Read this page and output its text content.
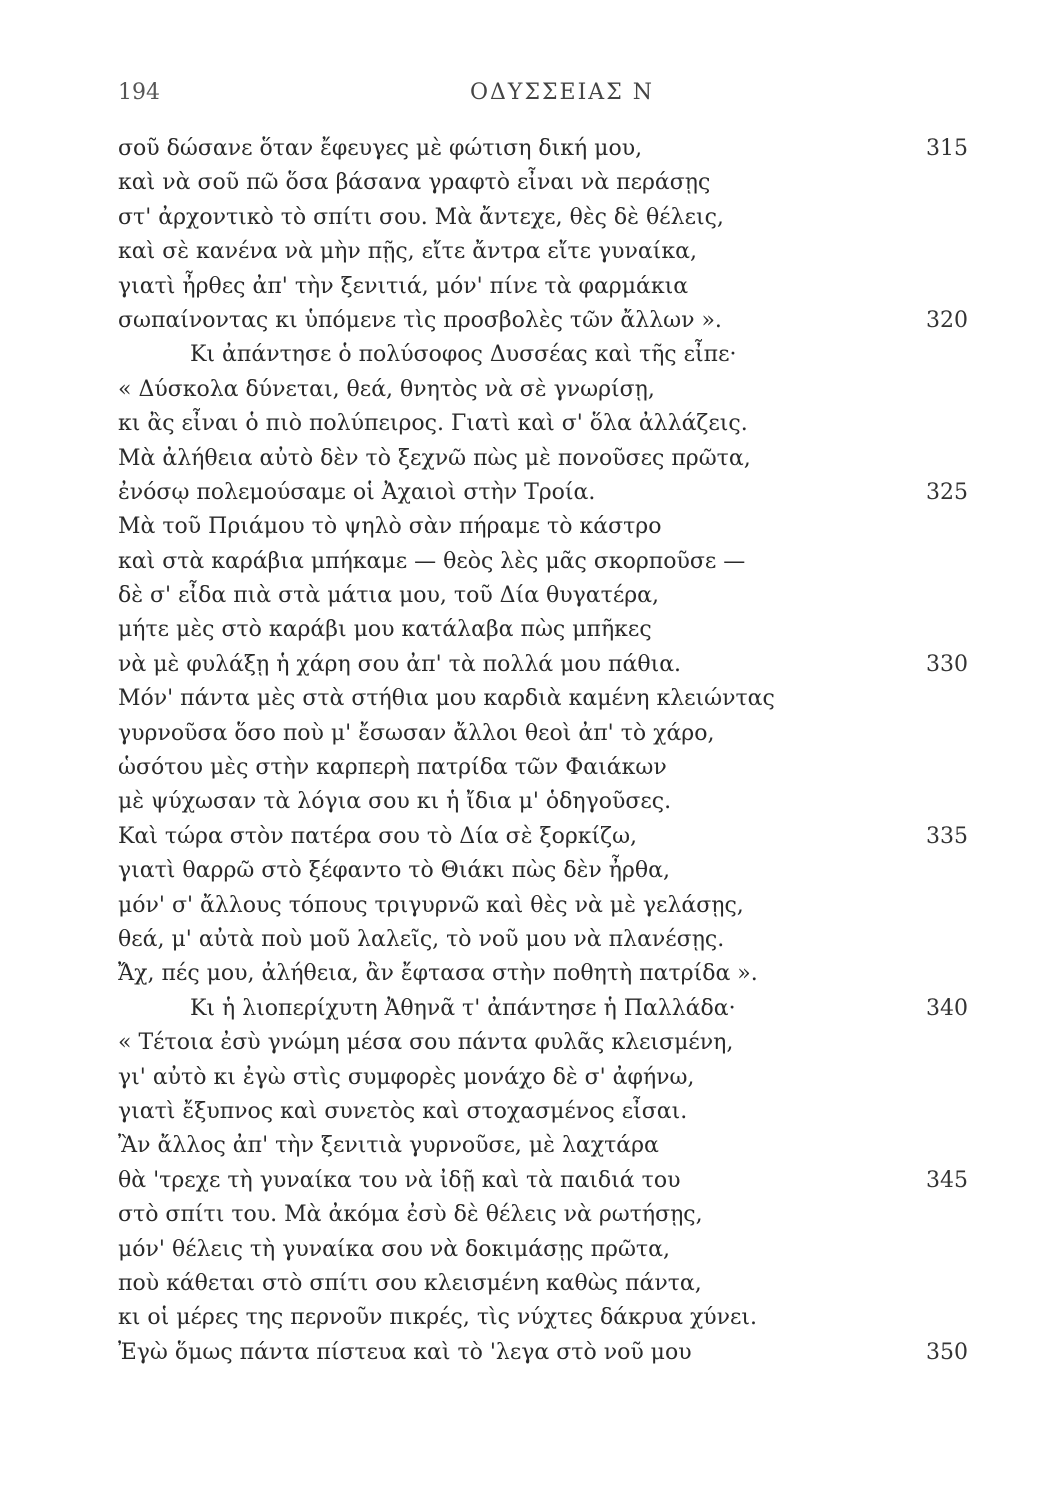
194	ΟΔΥΣΣΕΙΑΣ Ν
σοῦ δώσανε ὅταν ἔφευγες μὲ φώτιση δική μου,	315
καὶ νὰ σοῦ πῶ ὅσα βάσανα γραφτὸ εἶναι νὰ περάσῃς
στ' ἀρχοντικὸ τὸ σπίτι σου. Μὰ ἄντεχε, θὲς δὲ θέλεις,
καὶ σὲ κανένα νὰ μὴν πῇς, εἴτε ἄντρα εἴτε γυναίκα,
γιατὶ ἦρθες ἀπ' τὴν ξενιτιά, μόν' πίνε τὰ φαρμάκια
σωπαίνοντας κι ὑπόμενε τὶς προσβολὲς τῶν ἄλλων ».	320
Κι ἀπάντησε ὁ πολύσοφος Δυσσέας καὶ τῆς εἶπε·
« Δύσκολα δύνεται, θεά, θνητὸς νὰ σὲ γνωρίσῃ,
κι ἂς εἶναι ὁ πιὸ πολύπειρος. Γιατὶ καὶ σ' ὅλα ἀλλάζεις.
Μὰ ἀλήθεια αὐτὸ δὲν τὸ ξεχνῶ πὼς μὲ πονοῦσες πρῶτα,
ἐνόσῳ πολεμούσαμε οἱ Ἀχαιοὶ στὴν Τροία.	325
Μὰ τοῦ Πριάμου τὸ ψηλὸ σὰν πήραμε τὸ κάστρο
καὶ στὰ καράβια μπήκαμε — θεὸς λὲς μᾶς σκορποῦσε —
δὲ σ' εἶδα πιὰ στὰ μάτια μου, τοῦ Δία θυγατέρα,
μήτε μὲς στὸ καράβι μου κατάλαβα πὼς μπῆκες
νὰ μὲ φυλάξῃ ἡ χάρη σου ἀπ' τὰ πολλά μου πάθια.	330
Μόν' πάντα μὲς στὰ στήθια μου καρδιὰ καμένη κλειώντας
γυρνοῦσα ὅσο ποὺ μ' ἔσωσαν ἄλλοι θεοὶ ἀπ' τὸ χάρο,
ὡσότου μὲς στὴν καρπερὴ πατρίδα τῶν Φαιάκων
μὲ ψύχωσαν τὰ λόγια σου κι ἡ ἴδια μ' ὁδηγοῦσες.
Καὶ τώρα στὸν πατέρα σου τὸ Δία σὲ ξορκίζω,	335
γιατὶ θαρρῶ στὸ ξέφαντο τὸ Θιάκι πὼς δὲν ἦρθα,
μόν' σ' ἄλλους τόπους τριγυρνῶ καὶ θὲς νὰ μὲ γελάσῃς,
θεά, μ' αὐτὰ ποὺ μοῦ λαλεῖς, τὸ νοῦ μου νὰ πλανέσῃς.
Ἄχ, πές μου, ἀλήθεια, ἂν ἔφτασα στὴν ποθητὴ πατρίδα ».
Κι ἡ λιοπερίχυτη Ἀθηνᾶ τ' ἀπάντησε ἡ Παλλάδα·	340
« Τέτοια ἐσὺ γνώμη μέσα σου πάντα φυλᾶς κλεισμένη,
γι' αὐτὸ κι ἐγὼ στὶς συμφορὲς μονάχο δὲ σ' ἀφήνω,
γιατὶ ἔξυπνος καὶ συνετὸς καὶ στοχασμένος εἶσαι.
Ἂν ἄλλος ἀπ' τὴν ξενιτιὰ γυρνοῦσε, μὲ λαχτάρα
θὰ 'τρεχε τὴ γυναίκα του νὰ ἰδῇ καὶ τὰ παιδιά του	345
στὸ σπίτι του. Μὰ ἀκόμα ἐσὺ δὲ θέλεις νὰ ρωτήσῃς,
μόν' θέλεις τὴ γυναίκα σου νὰ δοκιμάσῃς πρῶτα,
ποὺ κάθεται στὸ σπίτι σου κλεισμένη καθὼς πάντα,
κι οἱ μέρες της περνοῦν πικρές, τὶς νύχτες δάκρυα χύνει.
Ἐγὼ ὅμως πάντα πίστευα καὶ τὸ 'λεγα στὸ νοῦ μου	350
